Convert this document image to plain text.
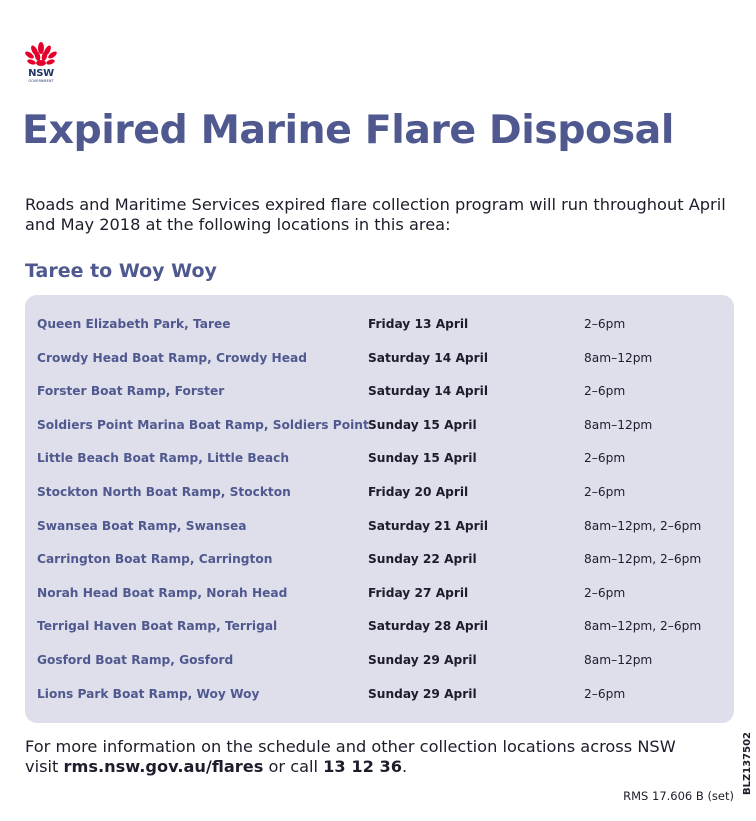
NSW
GOVERNMENT
Expired Marine Flare Disposal

Roads and Maritime Services expired flare collection program will run throughout April and May 2018 at the following locations in this area:

Taree to Woy Woy
Queen Elizabeth Park, Taree	Friday 13 April	2–6pm
Crowdy Head Boat Ramp, Crowdy Head	Saturday 14 April	8am–12pm
Forster Boat Ramp, Forster	Saturday 14 April	2–6pm
Soldiers Point Marina Boat Ramp, Soldiers Point Sunday 15 April	8am–12pm
Little Beach Boat Ramp, Little Beach	Sunday 15 April	2–6pm
Stockton North Boat Ramp, Stockton	Friday 20 April	2–6pm
Swansea Boat Ramp, Swansea	Saturday 21 April	8am–12pm, 2–6pm
Carrington Boat Ramp, Carrington	Sunday 22 April	8am–12pm, 2–6pm
Norah Head Boat Ramp, Norah Head	Friday 27 April	2–6pm
Terrigal Haven Boat Ramp, Terrigal	Saturday 28 April	8am–12pm, 2–6pm
Gosford Boat Ramp, Gosford	Sunday 29 April	8am–12pm
Lions Park Boat Ramp, Woy Woy	Sunday 29 April	2–6pm

For more information on the schedule and other collection locations across NSW visit rms.nsw.gov.au/flares or call 13 12 36.

RMS 17.606 B (set)
BLZ137502
